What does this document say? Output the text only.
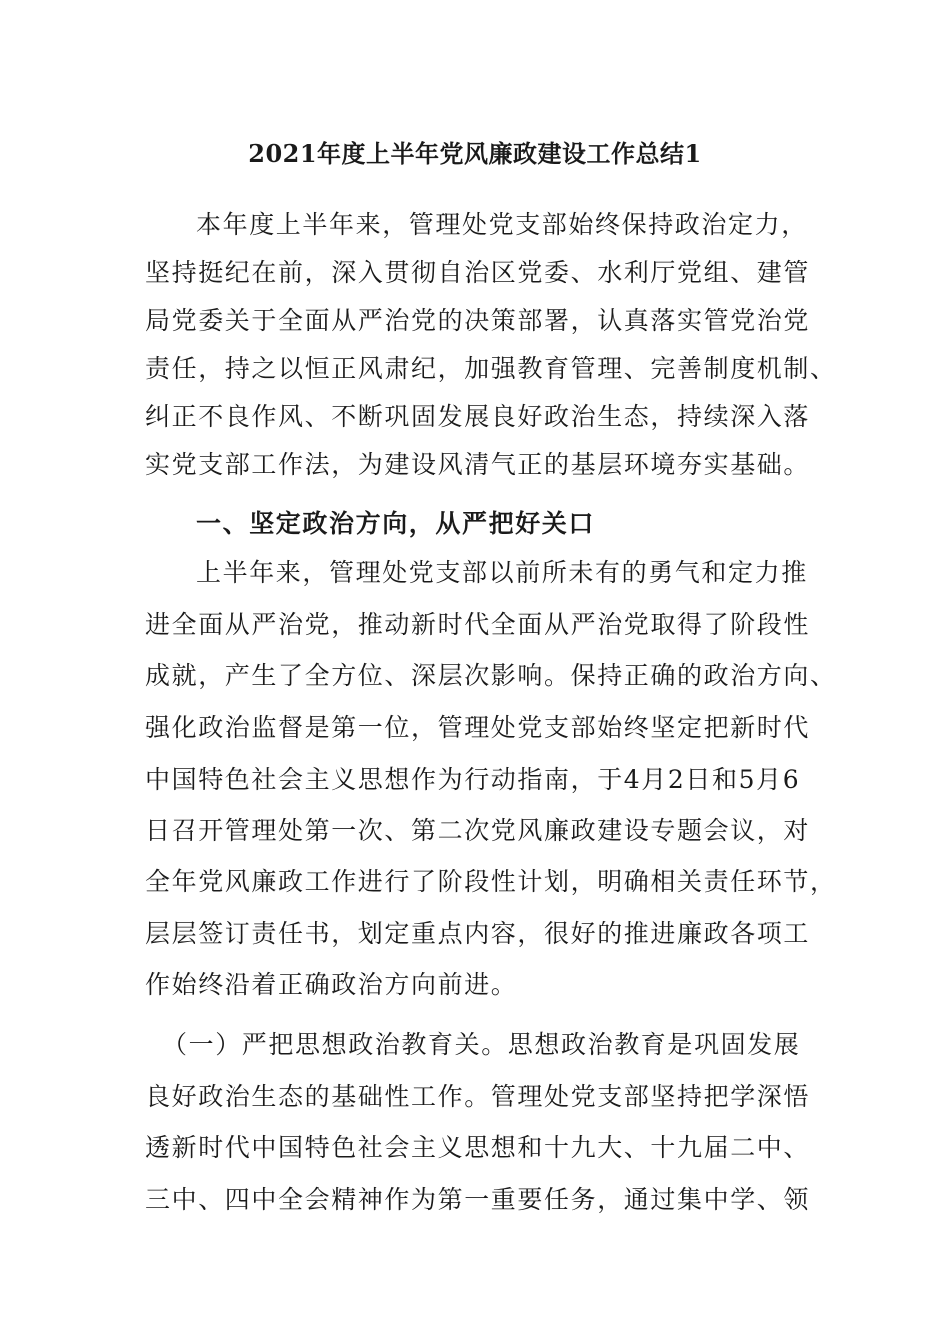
2021年度上半年党风廉政建设工作总结1
本年度上半年来，管理处党支部始终保持政治定力，
坚持挺纪在前，深入贯彻自治区党委、水利厅党组、建管
局党委关于全面从严治党的决策部署，认真落实管党治党
责任，持之以恒正风肃纪，加强教育管理、完善制度机制、
纠正不良作风、不断巩固发展良好政治生态，持续深入落
实党支部工作法，为建设风清气正的基层环境夯实基础。
一、坚定政治方向，从严把好关口
上半年来，管理处党支部以前所未有的勇气和定力推
进全面从严治党，推动新时代全面从严治党取得了阶段性
成就，产生了全方位、深层次影响。保持正确的政治方向、
强化政治监督是第一位，管理处党支部始终坚定把新时代
中国特色社会主义思想作为行动指南，于4月2日和5月6
日召开管理处第一次、第二次党风廉政建设专题会议，对
全年党风廉政工作进行了阶段性计划，明确相关责任环节，
层层签订责任书，划定重点内容，很好的推进廉政各项工
作始终沿着正确政治方向前进。
（一）严把思想政治教育关。思想政治教育是巩固发展
良好政治生态的基础性工作。管理处党支部坚持把学深悟
透新时代中国特色社会主义思想和十九大、十九届二中、
三中、四中全会精神作为第一重要任务，通过集中学、领
